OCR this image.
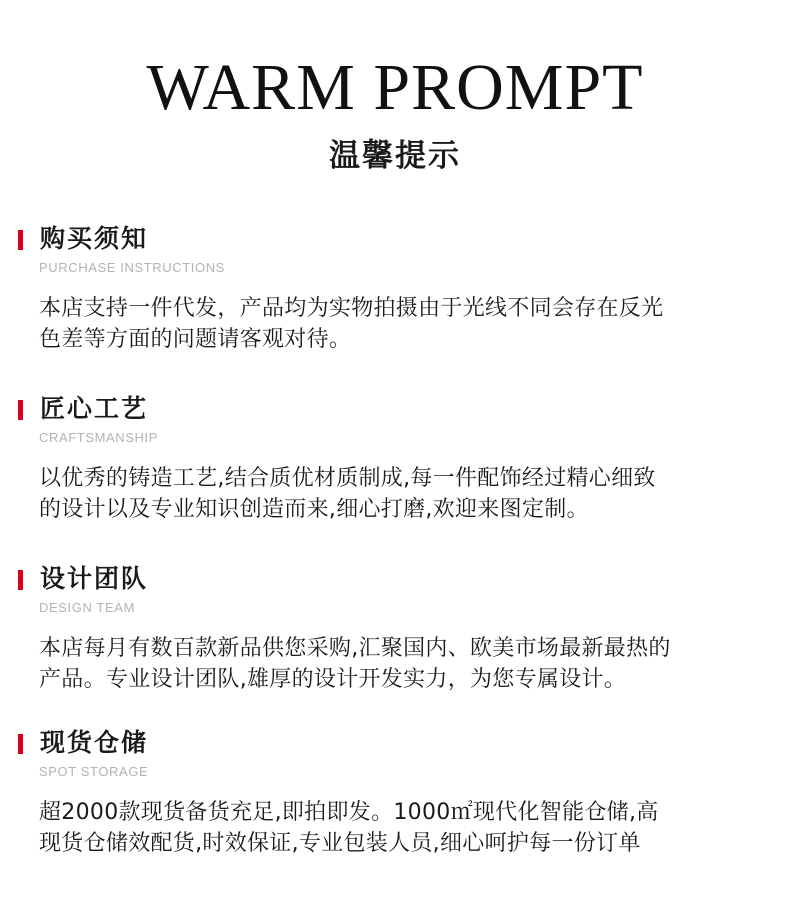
WARM PROMPT
温馨提示
购买须知
PURCHASE INSTRUCTIONS

本店支持一件代发，产品均为实物拍摄由于光线不同会存在反光

色差等方面的问题请客观对待。

匠心工艺
CRAFTSMANSHIP

以优秀的铸造工艺,结合质优材质制成,每一件配饰经过精心细致

的设计以及专业知识创造而来,细心打磨,欢迎来图定制。

设计团队
DESIGN TEAM

本店每月有数百款新品供您采购,汇聚国内、欧美市场最新最热的

产品。专业设计团队,雄厚的设计开发实力，为您专属设计。

现货仓储
SPOT STORAGE

超2000款现货备货充足,即拍即发。1000㎡现代化智能仓储,高

现货仓储效配货,时效保证,专业包装人员,细心呵护每一份订单
